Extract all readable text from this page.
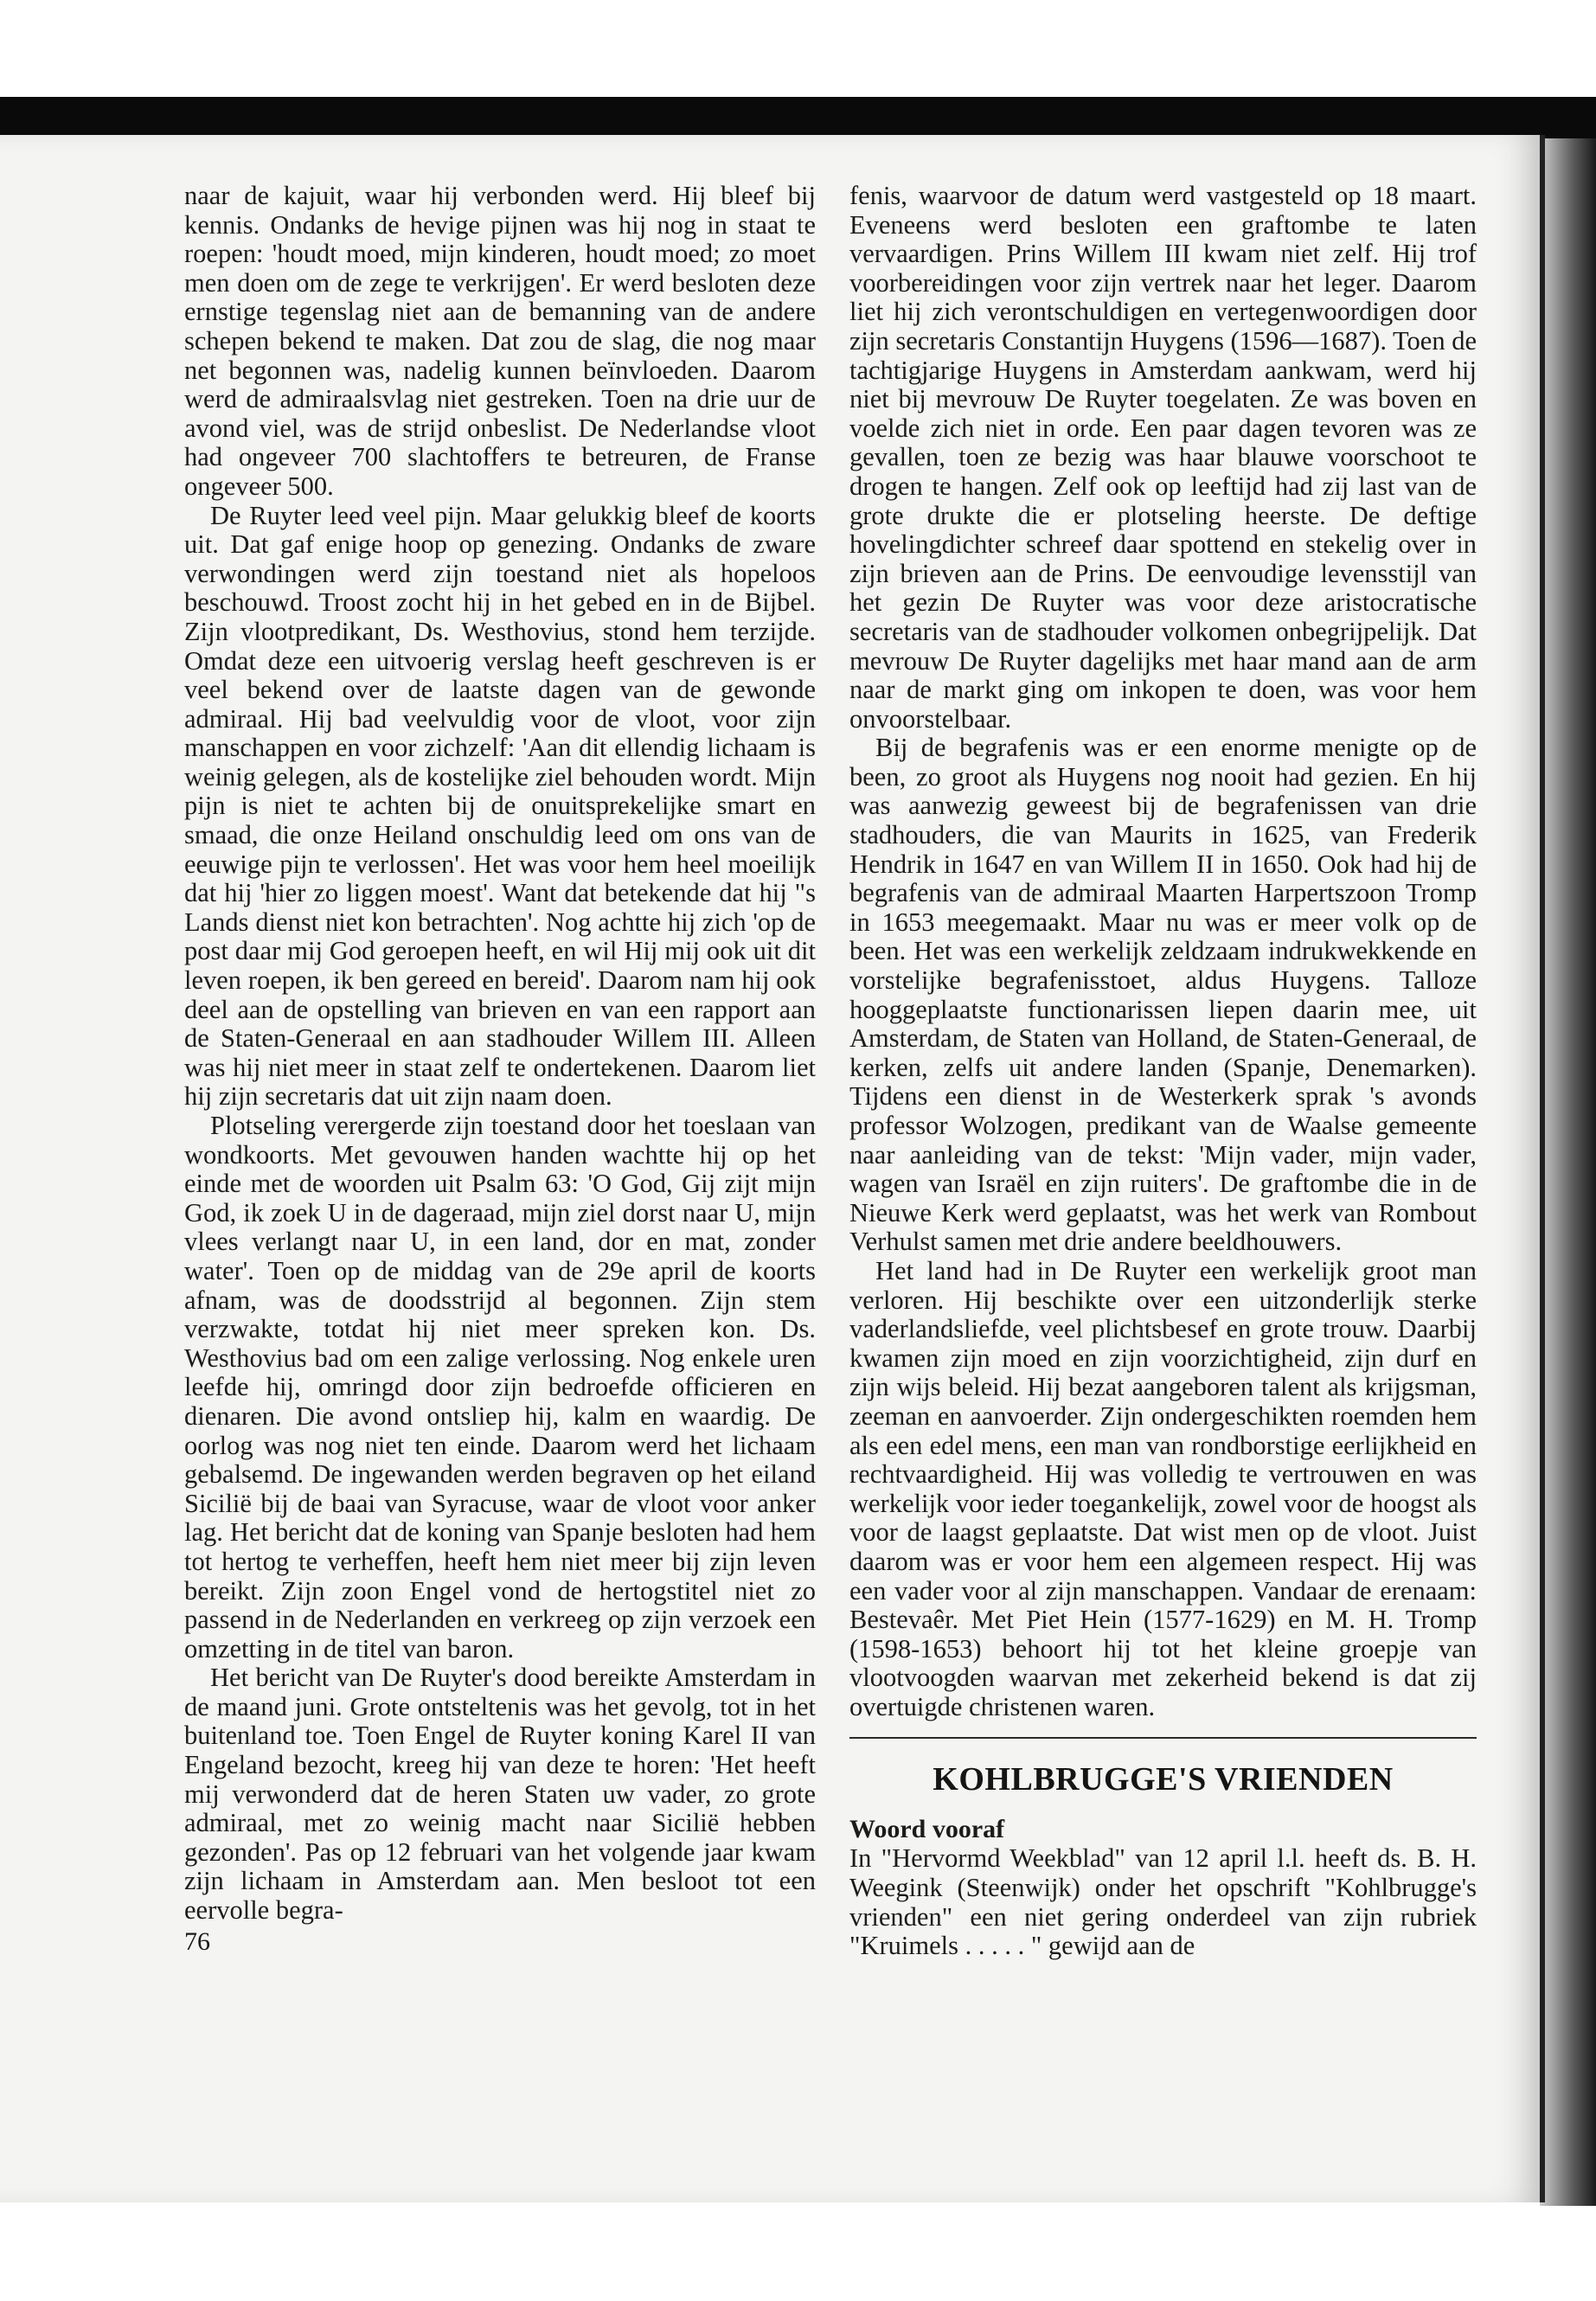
naar de kajuit, waar hij verbonden werd. Hij bleef bij kennis. Ondanks de hevige pijnen was hij nog in staat te roepen: 'houdt moed, mijn kinderen, houdt moed; zo moet men doen om de zege te verkrijgen'. Er werd besloten deze ernstige tegenslag niet aan de bemanning van de andere schepen bekend te maken. Dat zou de slag, die nog maar net begonnen was, nadelig kunnen beïnvloeden. Daarom werd de admiraalsvlag niet gestreken. Toen na drie uur de avond viel, was de strijd onbeslist. De Nederlandse vloot had ongeveer 700 slachtoffers te betreuren, de Franse ongeveer 500.

De Ruyter leed veel pijn. Maar gelukkig bleef de koorts uit. Dat gaf enige hoop op genezing. Ondanks de zware verwondingen werd zijn toestand niet als hopeloos beschouwd. Troost zocht hij in het gebed en in de Bijbel. Zijn vlootpredikant, Ds. Westhovius, stond hem terzijde. Omdat deze een uitvoerig verslag heeft geschreven is er veel bekend over de laatste dagen van de gewonde admiraal. Hij bad veelvuldig voor de vloot, voor zijn manschappen en voor zichzelf: 'Aan dit ellendig lichaam is weinig gelegen, als de kostelijke ziel behouden wordt. Mijn pijn is niet te achten bij de onuitsprekelijke smart en smaad, die onze Heiland onschuldig leed om ons van de eeuwige pijn te verlossen'. Het was voor hem heel moeilijk dat hij 'hier zo liggen moest'. Want dat betekende dat hij "s Lands dienst niet kon betrachten'. Nog achtte hij zich 'op de post daar mij God geroepen heeft, en wil Hij mij ook uit dit leven roepen, ik ben gereed en bereid'. Daarom nam hij ook deel aan de opstelling van brieven en van een rapport aan de Staten-Generaal en aan stadhouder Willem III. Alleen was hij niet meer in staat zelf te ondertekenen. Daarom liet hij zijn secretaris dat uit zijn naam doen.

Plotseling verergerde zijn toestand door het toeslaan van wondkoorts. Met gevouwen handen wachtte hij op het einde met de woorden uit Psalm 63: 'O God, Gij zijt mijn God, ik zoek U in de dageraad, mijn ziel dorst naar U, mijn vlees verlangt naar U, in een land, dor en mat, zonder water'. Toen op de middag van de 29e april de koorts afnam, was de doodsstrijd al begonnen. Zijn stem verzwakte, totdat hij niet meer spreken kon. Ds. Westhovius bad om een zalige verlossing. Nog enkele uren leefde hij, omringd door zijn bedroefde officieren en dienaren. Die avond ontsliep hij, kalm en waardig. De oorlog was nog niet ten einde. Daarom werd het lichaam gebalsemd. De ingewanden werden begraven op het eiland Sicilië bij de baai van Syracuse, waar de vloot voor anker lag. Het bericht dat de koning van Spanje besloten had hem tot hertog te verheffen, heeft hem niet meer bij zijn leven bereikt. Zijn zoon Engel vond de hertogstitel niet zo passend in de Nederlanden en verkreeg op zijn verzoek een omzetting in de titel van baron.

Het bericht van De Ruyter's dood bereikte Amsterdam in de maand juni. Grote ontsteltenis was het gevolg, tot in het buitenland toe. Toen Engel de Ruyter koning Karel II van Engeland bezocht, kreeg hij van deze te horen: 'Het heeft mij verwonderd dat de heren Staten uw vader, zo grote admiraal, met zo weinig macht naar Sicilië hebben gezonden'. Pas op 12 februari van het volgende jaar kwam zijn lichaam in Amsterdam aan. Men besloot tot een eervolle begra-

76

fenis, waarvoor de datum werd vastgesteld op 18 maart. Eveneens werd besloten een graftombe te laten vervaardigen. Prins Willem III kwam niet zelf. Hij trof voorbereidingen voor zijn vertrek naar het leger. Daarom liet hij zich verontschuldigen en vertegenwoordigen door zijn secretaris Constantijn Huygens (1596—1687). Toen de tachtigjarige Huygens in Amsterdam aankwam, werd hij niet bij mevrouw De Ruyter toegelaten. Ze was boven en voelde zich niet in orde. Een paar dagen tevoren was ze gevallen, toen ze bezig was haar blauwe voorschoot te drogen te hangen. Zelf ook op leeftijd had zij last van de grote drukte die er plotseling heerste. De deftige hovelingdichter schreef daar spottend en stekelig over in zijn brieven aan de Prins. De eenvoudige levensstijl van het gezin De Ruyter was voor deze aristocratische secretaris van de stadhouder volkomen onbegrijpelijk. Dat mevrouw De Ruyter dagelijks met haar mand aan de arm naar de markt ging om inkopen te doen, was voor hem onvoorstelbaar.

Bij de begrafenis was er een enorme menigte op de been, zo groot als Huygens nog nooit had gezien. En hij was aanwezig geweest bij de begrafenissen van drie stadhouders, die van Maurits in 1625, van Frederik Hendrik in 1647 en van Willem II in 1650. Ook had hij de begrafenis van de admiraal Maarten Harpertszoon Tromp in 1653 meegemaakt. Maar nu was er meer volk op de been. Het was een werkelijk zeldzaam indrukwekkende en vorstelijke begrafenisstoet, aldus Huygens. Talloze hooggeplaatste functionarissen liepen daarin mee, uit Amsterdam, de Staten van Holland, de Staten-Generaal, de kerken, zelfs uit andere landen (Spanje, Denemarken). Tijdens een dienst in de Westerkerk sprak 's avonds professor Wolzogen, predikant van de Waalse gemeente naar aanleiding van de tekst: 'Mijn vader, mijn vader, wagen van Israël en zijn ruiters'. De graftombe die in de Nieuwe Kerk werd geplaatst, was het werk van Rombout Verhulst samen met drie andere beeldhouwers.

Het land had in De Ruyter een werkelijk groot man verloren. Hij beschikte over een uitzonderlijk sterke vaderlandsliefde, veel plichtsbesef en grote trouw. Daarbij kwamen zijn moed en zijn voorzichtigheid, zijn durf en zijn wijs beleid. Hij bezat aangeboren talent als krijgsman, zeeman en aanvoerder. Zijn ondergeschikten roemden hem als een edel mens, een man van rondborstige eerlijkheid en rechtvaardigheid. Hij was volledig te vertrouwen en was werkelijk voor ieder toegankelijk, zowel voor de hoogst als voor de laagst geplaatste. Dat wist men op de vloot. Juist daarom was er voor hem een algemeen respect. Hij was een vader voor al zijn manschappen. Vandaar de erenaam: Bestevaêr. Met Piet Hein (1577-1629) en M. H. Tromp (1598-1653) behoort hij tot het kleine groepje van vlootvoogden waarvan met zekerheid bekend is dat zij overtuigde christenen waren.

KOHLBRUGGE'S VRIENDEN

Woord vooraf

In "Hervormd Weekblad" van 12 april l.l. heeft ds. B. H. Weegink (Steenwijk) onder het opschrift "Kohlbrugge's vrienden" een niet gering onderdeel van zijn rubriek "Kruimels . . . . . " gewijd aan de
